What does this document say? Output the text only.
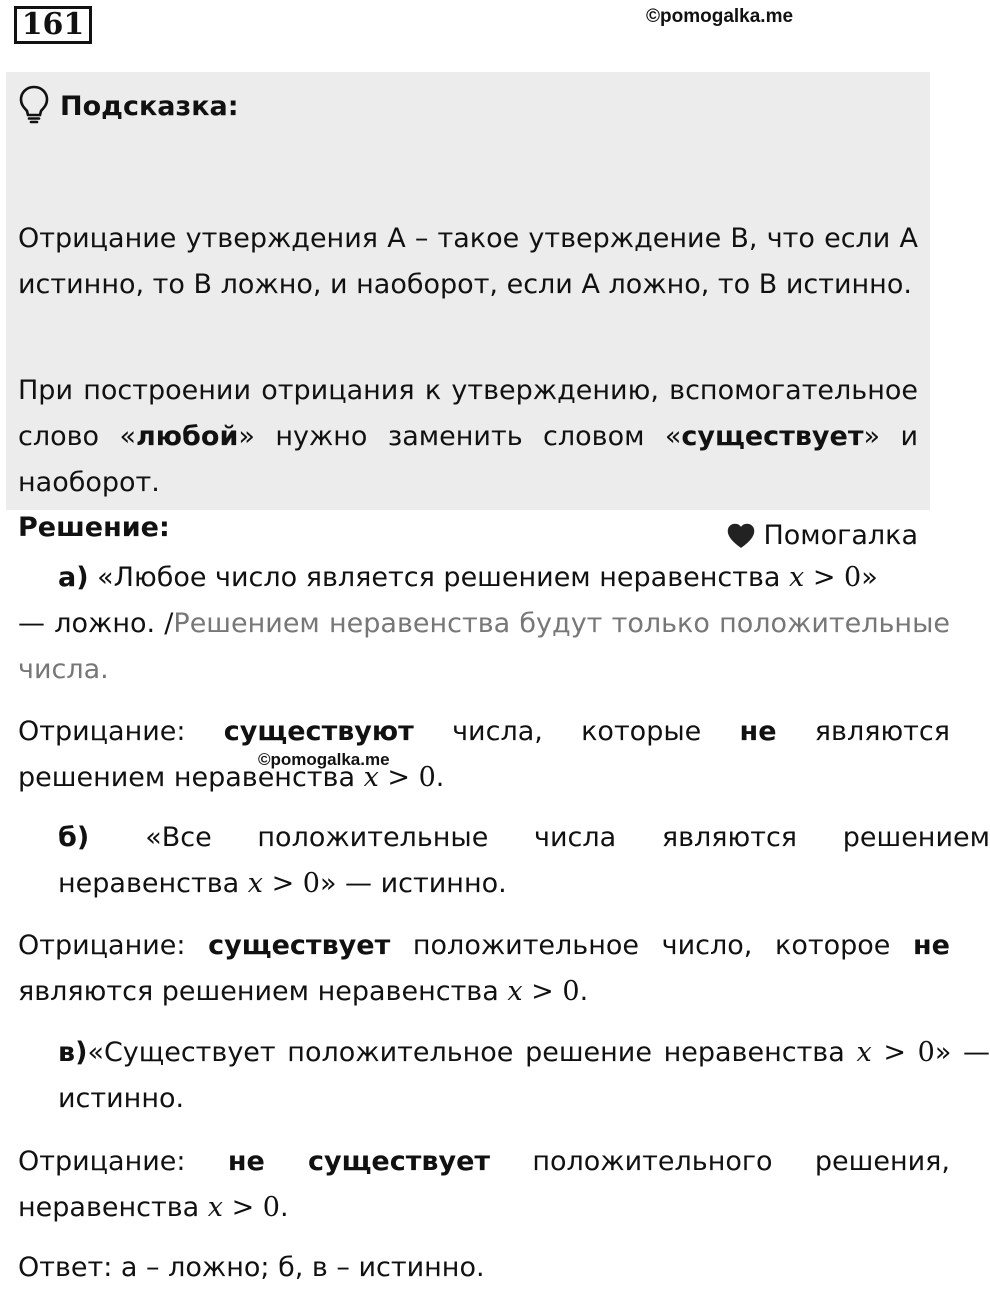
161	©pomogalka.me
Подсказка:

Отрицание утверждения A – такое утверждение B, что если A истинно, то B ложно, и наоборот, если A ложно, то B истинно.

При построении отрицания к утверждению, вспомогательное слово «любой» нужно заменить словом «существует» и наоборот.

Помогалка

Решение:

а) «Любое число является решением неравенства x > 0»

— ложно. /Решением неравенства будут только положительные числа.

Отрицание: существуют числа, которые не являются решением неравенства x > 0.

©pomogalka.me

б) «Все положительные числа являются решением неравенства x > 0» — истинно.

Отрицание: существует положительное число, которое не являются решением неравенства x > 0.

в)«Существует положительное решение неравенства x > 0» — истинно.

Отрицание: не существует положительного решения, неравенства x > 0.

Ответ: а – ложно; б, в – истинно.
